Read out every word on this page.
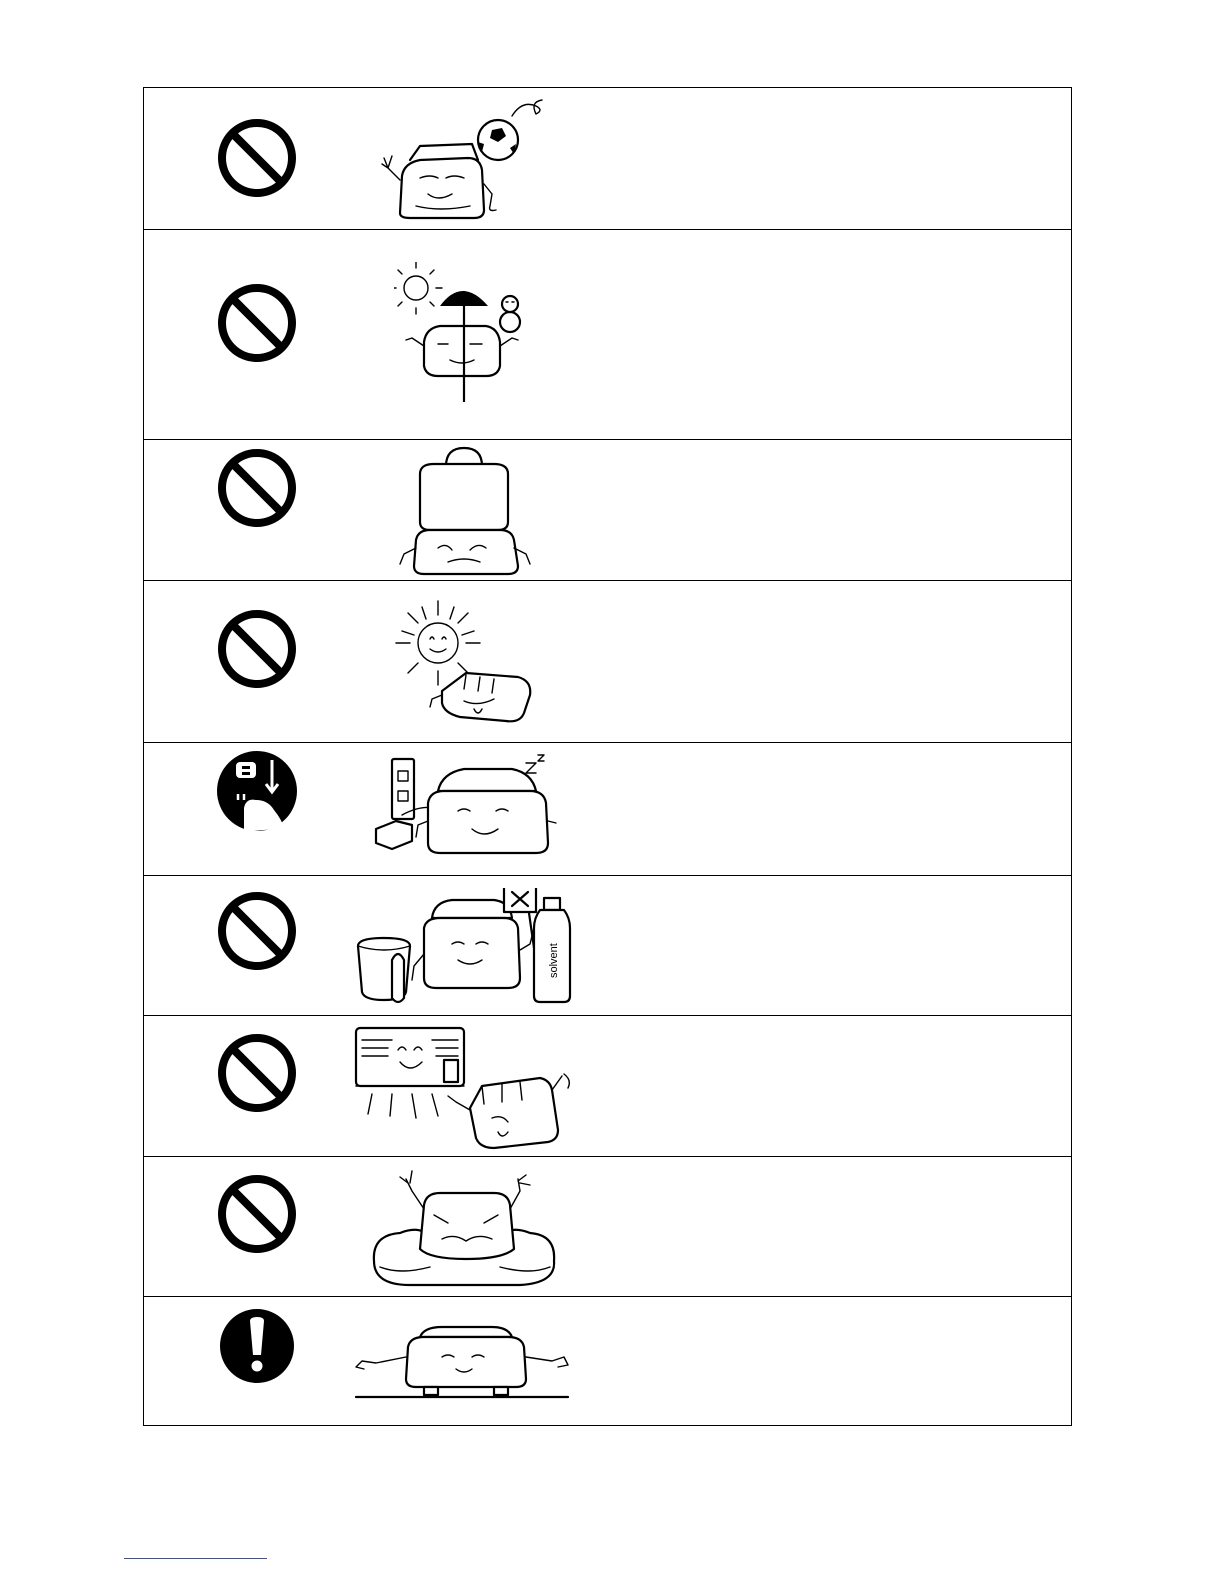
solvent
